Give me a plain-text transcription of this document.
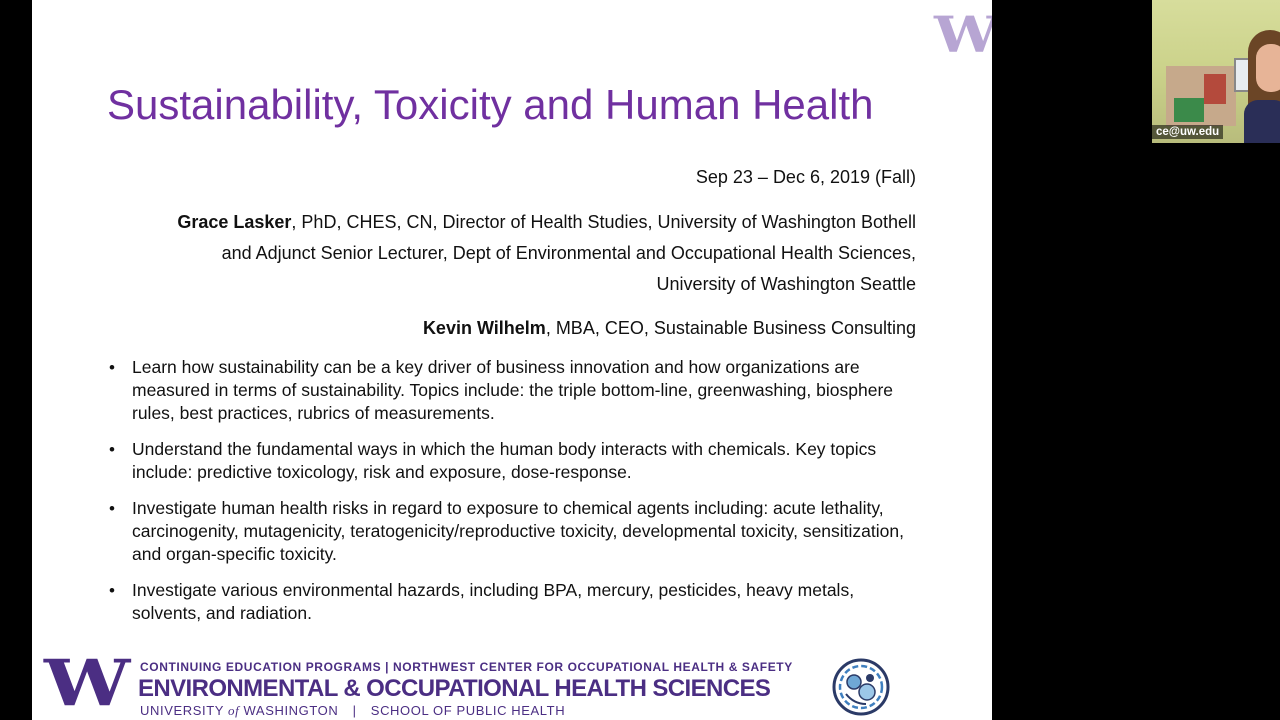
W
Sustainability, Toxicity and Human Health
Sep 23 – Dec 6, 2019 (Fall)
Grace Lasker, PhD, CHES, CN, Director of Health Studies, University of Washington Bothell
and Adjunct Senior Lecturer, Dept of Environmental and Occupational Health Sciences,
University of Washington Seattle
Kevin Wilhelm, MBA, CEO, Sustainable Business Consulting
• Learn how sustainability can be a key driver of business innovation and how organizations are measured in terms of sustainability. Topics include: the triple bottom-line, greenwashing, biosphere rules, best practices, rubrics of measurements.
• Understand the fundamental ways in which the human body interacts with chemicals. Key topics include: predictive toxicology, risk and exposure, dose-response.
• Investigate human health risks in regard to exposure to chemical agents including: acute lethality, carcinogenity, mutagenicity, teratogenicity/reproductive toxicity, developmental toxicity, sensitization, and organ-specific toxicity.
• Investigate various environmental hazards, including BPA, mercury, pesticides, heavy metals, solvents, and radiation.
W CONTINUING EDUCATION PROGRAMS | NORTHWEST CENTER FOR OCCUPATIONAL HEALTH & SAFETY
ENVIRONMENTAL & OCCUPATIONAL HEALTH SCIENCES
UNIVERSITY of WASHINGTON | SCHOOL OF PUBLIC HEALTH
ce@uw.edu
